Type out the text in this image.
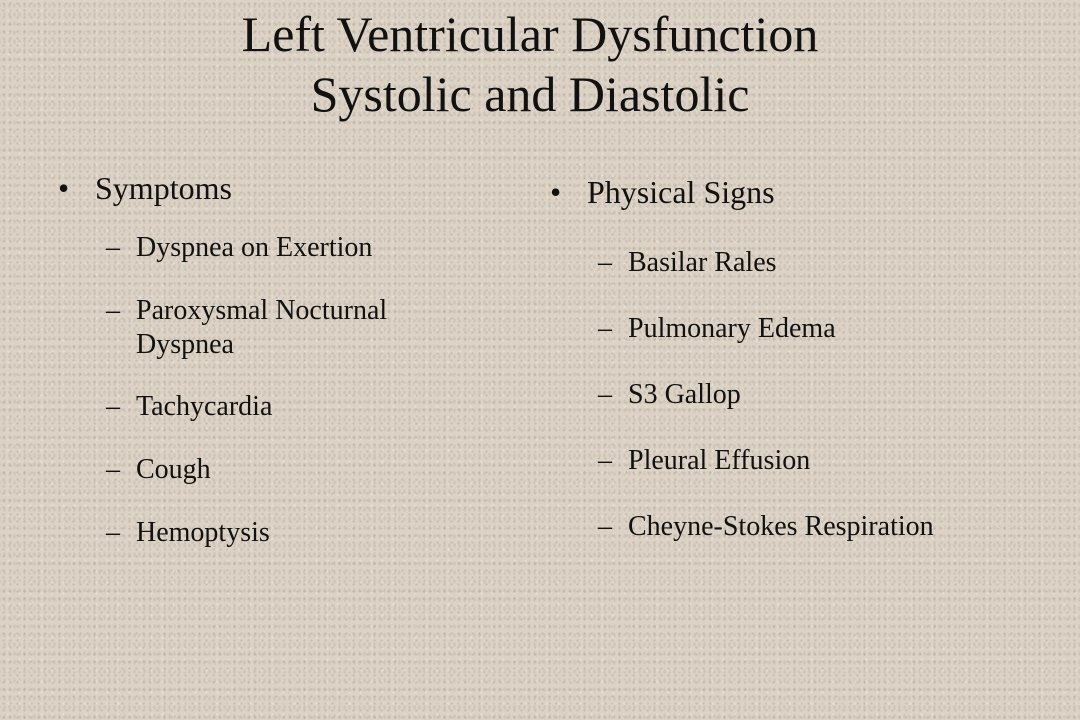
Left Ventricular Dysfunction
Systolic and Diastolic
• Symptoms
– Dyspnea on Exertion
– Paroxysmal Nocturnal Dyspnea
– Tachycardia
– Cough
– Hemoptysis
• Physical Signs
– Basilar Rales
– Pulmonary Edema
– S3 Gallop
– Pleural Effusion
– Cheyne-Stokes Respiration
